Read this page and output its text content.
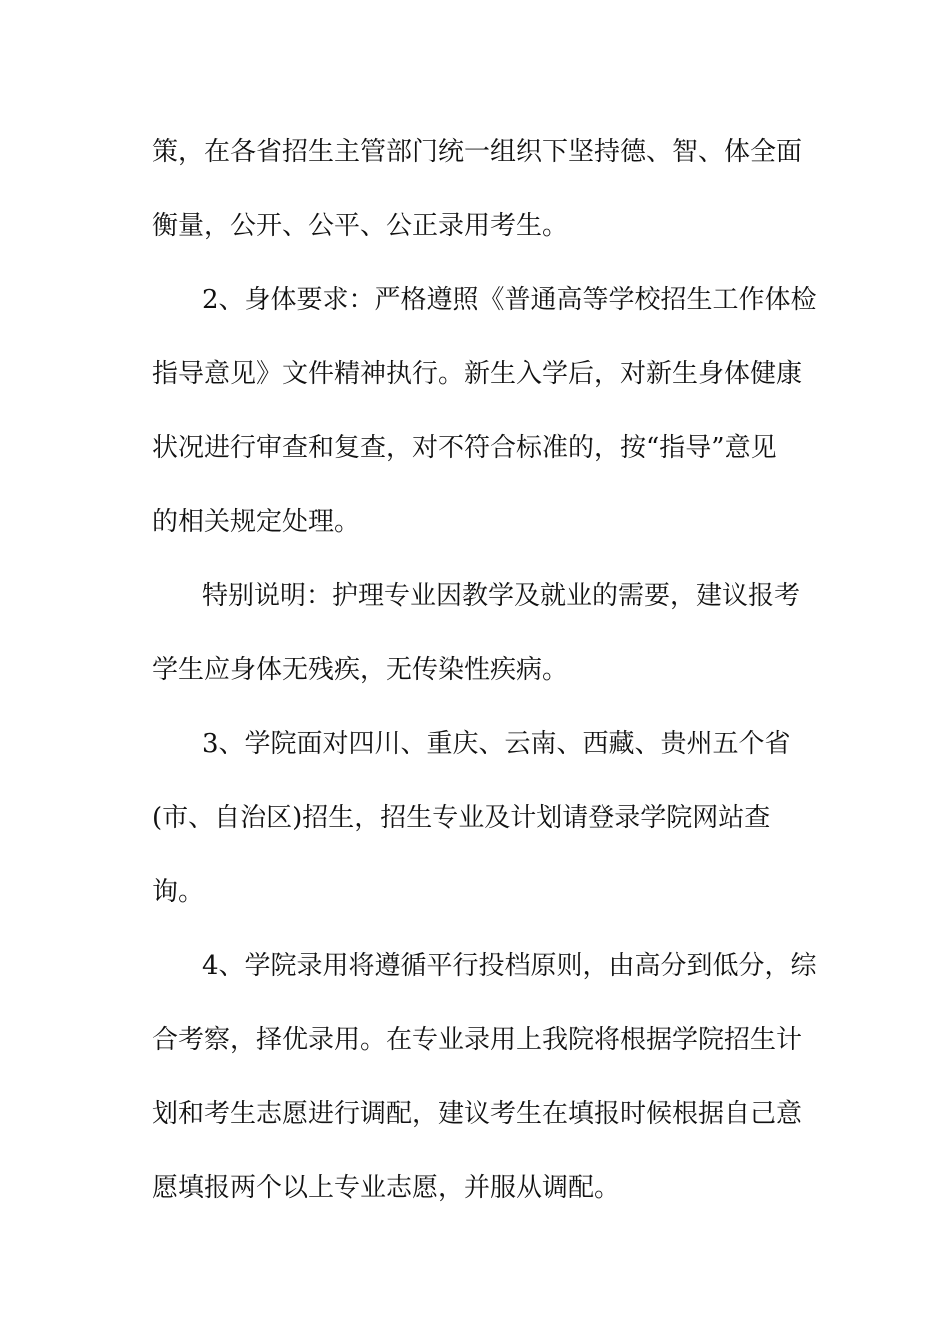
策，在各省招生主管部门统一组织下坚持德、智、体全面
衡量，公开、公平、公正录用考生。
2、身体要求：严格遵照《普通高等学校招生工作体检
指导意见》文件精神执行。新生入学后，对新生身体健康
状况进行审查和复查，对不符合标准的，按“指导”意见
的相关规定处理。
特别说明：护理专业因教学及就业的需要，建议报考
学生应身体无残疾，无传染性疾病。
3、学院面对四川、重庆、云南、西藏、贵州五个省
(市、自治区)招生，招生专业及计划请登录学院网站查
询。
4、学院录用将遵循平行投档原则，由高分到低分，综
合考察，择优录用。在专业录用上我院将根据学院招生计
划和考生志愿进行调配，建议考生在填报时候根据自己意
愿填报两个以上专业志愿，并服从调配。
